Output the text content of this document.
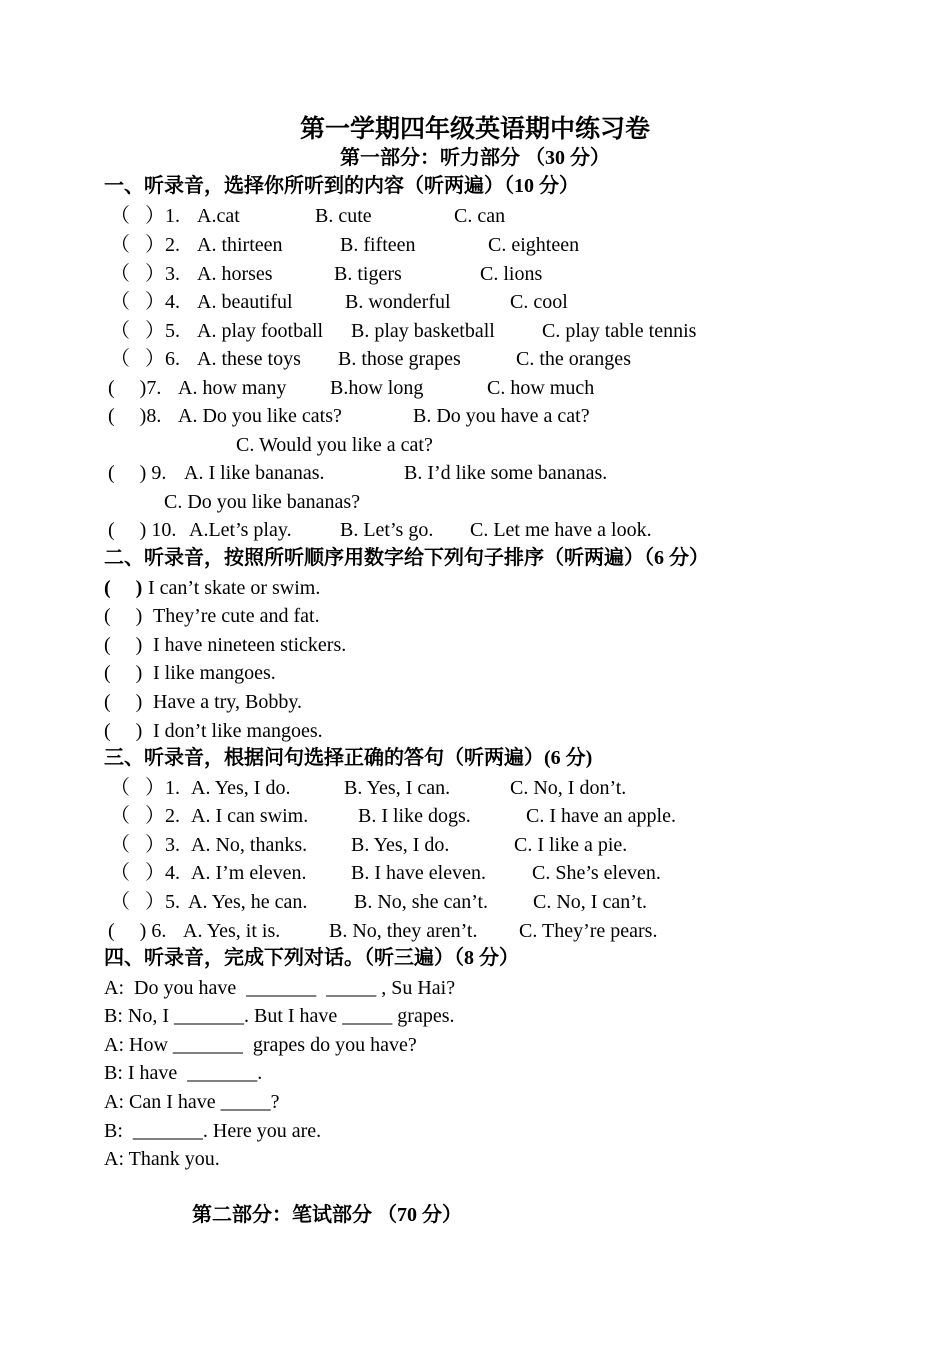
第一学期四年级英语期中练习卷
第一部分：听力部分 （30 分）
一、听录音，选择你所听到的内容（听两遍）（10 分）
（   ）1. A.cat	B. cute	C. can
（   ）2. A. thirteen	B. fifteen	C. eighteen
（   ）3. A. horses	B. tigers	C. lions
（   ）4. A. beautiful	B. wonderful	C. cool
（   ）5. A. play football B. play basketball C. play table tennis
（   ）6. A. these toys B. those grapes	C. the oranges
(     )7. A. how many B.how long	C. how much
(     )8. A. Do you like cats?	B. Do you have a cat?
C. Would you like a cat?
(     ) 9. A. I like bananas.	B. I’d like some bananas.
C. Do you like bananas?
(     ) 10. A.Let’s play. B. Let’s go. C. Let me have a look.
二、听录音，按照所听顺序用数字给下列句子排序（听两遍）（6 分）
(     ) I can’t skate or swim.
(     ) They’re cute and fat.
(     ) I have nineteen stickers.
(     ) I like mangoes.
(     ) Have a try, Bobby.
(     ) I don’t like mangoes.
三、听录音，根据问句选择正确的答句（听两遍）(6 分)
（   ）1. A. Yes, I do.	B. Yes, I can.	C. No, I don’t.
（   ）2. A. I can swim. B. I like dogs.	C. I have an apple.
（   ）3. A. No, thanks. B. Yes, I do.	C. I like a pie.
（   ）4. A. I’m eleven. B. I have eleven. C. She’s eleven.
（   ）5. A. Yes, he can. B. No, she can’t. C. No, I can’t.
(     ) 6. A. Yes, it is. B. No, they aren’t. C. They’re pears.
四、听录音，完成下列对话。（听三遍）（8 分）
A:  Do you have  _______  _____ , Su Hai?
B: No, I _______. But I have _____ grapes.
A: How _______  grapes do you have?
B: I have  _______.
A: Can I have _____?
B:  _______. Here you are.
A: Thank you.
第二部分：笔试部分 （70 分）
